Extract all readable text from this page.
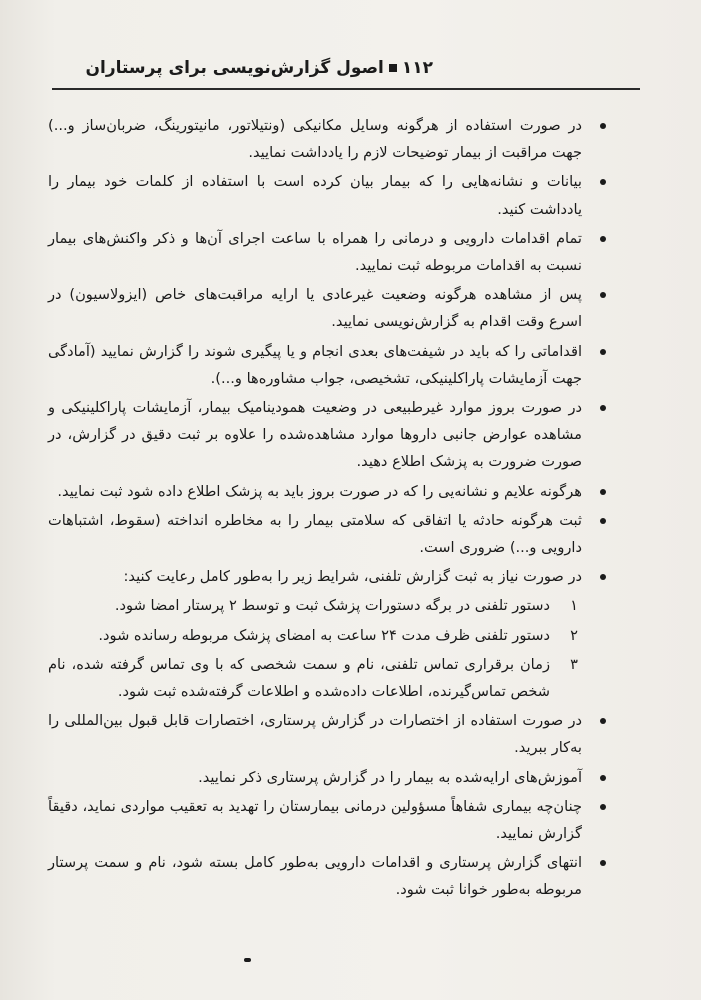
۱۱۲اصول گزارش‌نویسی برای پرستاران
در صورت استفاده از هرگونه وسایل مکانیکی (ونتیلاتور، مانیتورینگ، ضربان‌ساز و...) جهت مراقبت از بیمار توضیحات لازم را یادداشت نمایید.
بیانات و نشانه‌هایی را که بیمار بیان کرده است با استفاده از کلمات خود بیمار را یادداشت کنید.
تمام اقدامات دارویی و درمانی را همراه با ساعت اجرای آن‌ها و ذکر واکنش‌های بیمار نسبت به اقدامات مربوطه ثبت نمایید.
پس از مشاهده هرگونه وضعیت غیرعادی یا ارایه مراقبت‌های خاص (ایزولاسیون) در اسرع وقت اقدام به گزارش‌نویسی نمایید.
اقداماتی را که باید در شیفت‌های بعدی انجام و یا پیگیری شوند را گزارش نمایید (آمادگی جهت آزمایشات پاراکلینیکی، تشخیصی، جواب مشاوره‌ها و...).
در صورت بروز موارد غیرطبیعی در وضعیت همودینامیک بیمار، آزمایشات پاراکلینیکی و مشاهده عوارض جانبی داروها موارد مشاهده‌شده را علاوه بر ثبت دقیق در گزارش، در صورت ضرورت به پزشک اطلاع دهید.
هرگونه علایم و نشانه‌یی را که در صورت بروز باید به پزشک اطلاع داده شود ثبت نمایید.
ثبت هرگونه حادثه یا اتفاقی که سلامتی بیمار را به مخاطره انداخته (سقوط، اشتباهات دارویی و...) ضروری است.
در صورت نیاز به ثبت گزارش تلفنی، شرایط زیر را به‌طور کامل رعایت کنید:
۱
دستور تلفنی در برگه دستورات پزشک ثبت و توسط ۲ پرستار امضا شود.
۲
دستور تلفنی ظرف مدت ۲۴ ساعت به امضای پزشک مربوطه رسانده شود.
۳
زمان برقراری تماس تلفنی، نام و سمت شخصی که با وی تماس گرفته شده، نام شخص تماس‌گیرنده، اطلاعات داده‌شده و اطلاعات گرفته‌شده ثبت شود.
در صورت استفاده از اختصارات در گزارش پرستاری، اختصارات قابل قبول بین‌المللی را به‌کار ببرید.
آموزش‌های ارایه‌شده به بیمار را در گزارش پرستاری ذکر نمایید.
چنان‌چه بیماری شفاهاً مسؤولین درمانی بیمارستان را تهدید به تعقیب مواردی نماید، دقیقاً گزارش نمایید.
انتهای گزارش پرستاری و اقدامات دارویی به‌طور کامل بسته شود، نام و سمت پرستار مربوطه به‌طور خوانا ثبت شود.
